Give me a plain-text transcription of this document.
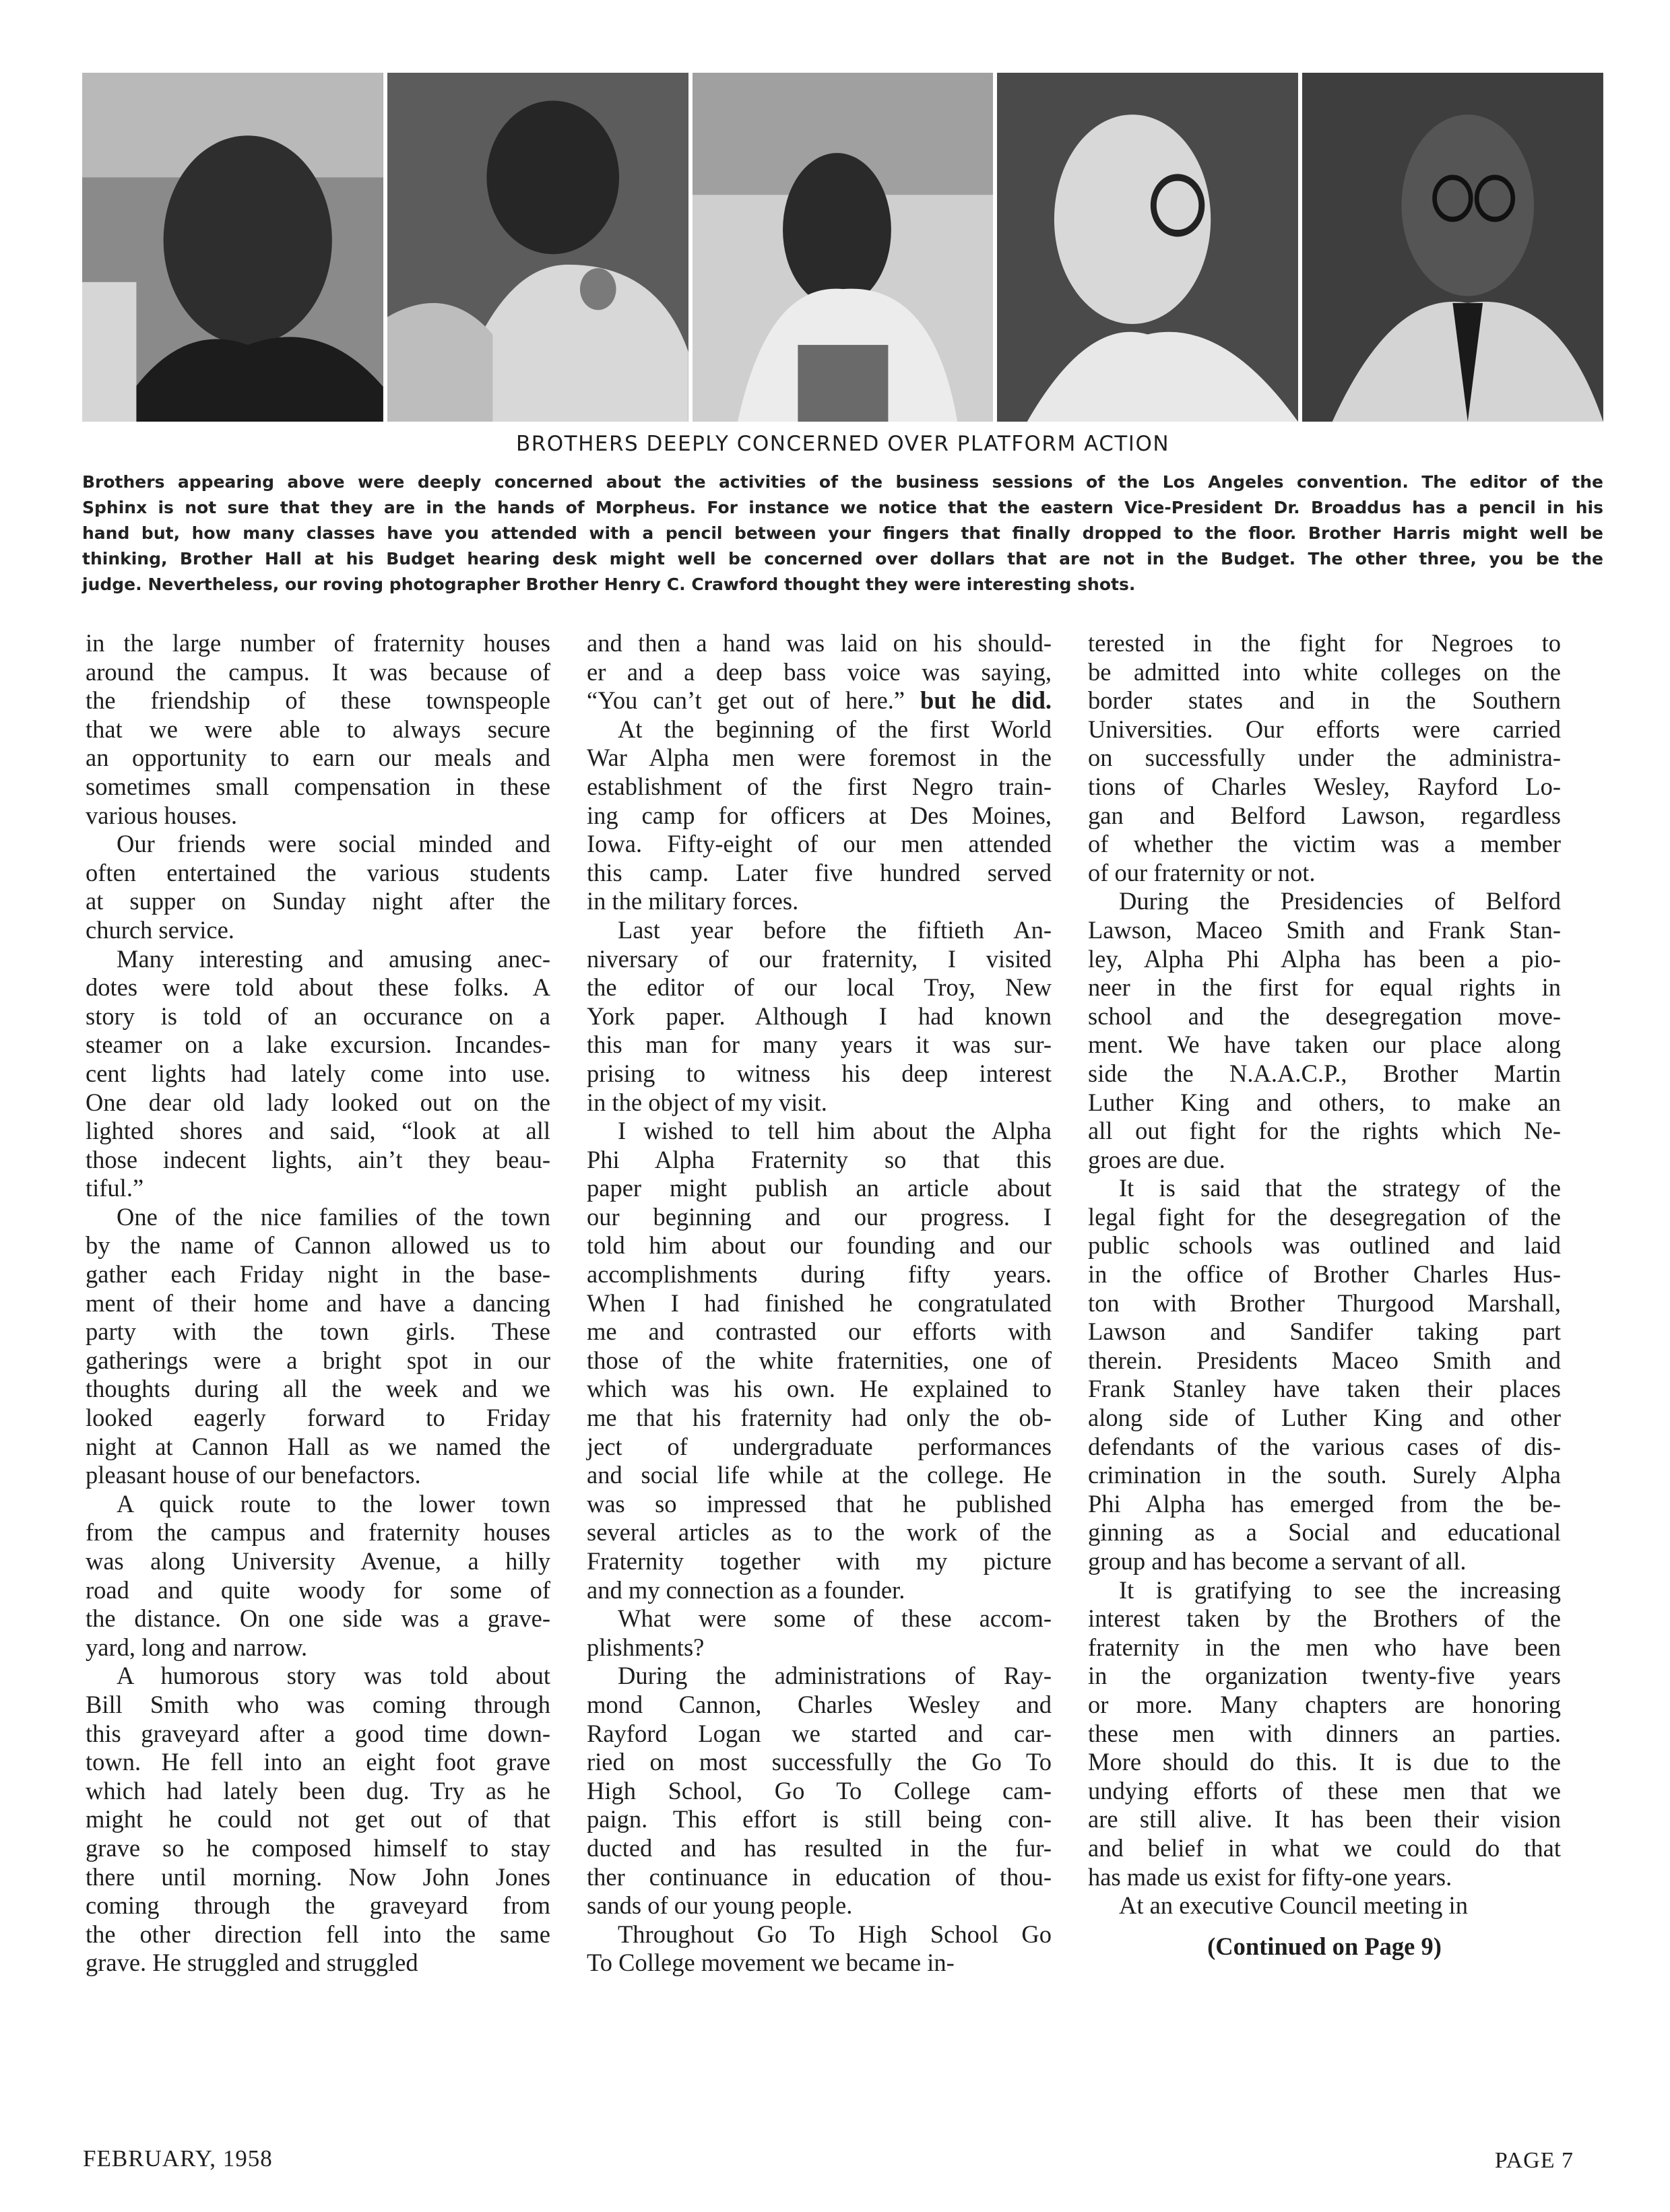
BROTHERS DEEPLY CONCERNED OVER PLATFORM ACTION
Brothers appearing above were deeply concerned about the activities of the business sessions of the Los Angeles convention. The editor of the
Sphinx is not sure that they are in the hands of Morpheus. For instance we notice that the eastern Vice-President Dr. Broaddus has a pencil in his
hand but, how many classes have you attended with a pencil between your fingers that finally dropped to the floor. Brother Harris might well be
thinking, Brother Hall at his Budget hearing desk might well be concerned over dollars that are not in the Budget. The other three, you be the
judge. Nevertheless, our roving photographer Brother Henry C. Crawford thought they were interesting shots.
in the large number of fraternity houses
around the campus. It was because of
the friendship of these townspeople
that we were able to always secure
an opportunity to earn our meals and
sometimes small compensation in these
various houses.
Our friends were social minded and
often entertained the various students
at supper on Sunday night after the
church service.
Many interesting and amusing anec-
dotes were told about these folks. A
story is told of an occurance on a
steamer on a lake excursion. Incandes-
cent lights had lately come into use.
One dear old lady looked out on the
lighted shores and said, “look at all
those indecent lights, ain’t they beau-
tiful.”
One of the nice families of the town
by the name of Cannon allowed us to
gather each Friday night in the base-
ment of their home and have a dancing
party with the town girls. These
gatherings were a bright spot in our
thoughts during all the week and we
looked eagerly forward to Friday
night at Cannon Hall as we named the
pleasant house of our benefactors.
A quick route to the lower town
from the campus and fraternity houses
was along University Avenue, a hilly
road and quite woody for some of
the distance. On one side was a grave-
yard, long and narrow.
A humorous story was told about
Bill Smith who was coming through
this graveyard after a good time down-
town. He fell into an eight foot grave
which had lately been dug. Try as he
might he could not get out of that
grave so he composed himself to stay
there until morning. Now John Jones
coming through the graveyard from
the other direction fell into the same
grave. He struggled and struggled
and then a hand was laid on his should-
er and a deep bass voice was saying,
“You can’t get out of here.” but he did.
At the beginning of the first World
War Alpha men were foremost in the
establishment of the first Negro train-
ing camp for officers at Des Moines,
Iowa. Fifty-eight of our men attended
this camp. Later five hundred served
in the military forces.
Last year before the fiftieth An-
niversary of our fraternity, I visited
the editor of our local Troy, New
York paper. Although I had known
this man for many years it was sur-
prising to witness his deep interest
in the object of my visit.
I wished to tell him about the Alpha
Phi Alpha Fraternity so that this
paper might publish an article about
our beginning and our progress. I
told him about our founding and our
accomplishments during fifty years.
When I had finished he congratulated
me and contrasted our efforts with
those of the white fraternities, one of
which was his own. He explained to
me that his fraternity had only the ob-
ject of undergraduate performances
and social life while at the college. He
was so impressed that he published
several articles as to the work of the
Fraternity together with my picture
and my connection as a founder.
What were some of these accom-
plishments?
During the administrations of Ray-
mond Cannon, Charles Wesley and
Rayford Logan we started and car-
ried on most successfully the Go To
High School, Go To College cam-
paign. This effort is still being con-
ducted and has resulted in the fur-
ther continuance in education of thou-
sands of our young people.
Throughout Go To High School Go
To College movement we became in-
terested in the fight for Negroes to
be admitted into white colleges on the
border states and in the Southern
Universities. Our efforts were carried
on successfully under the administra-
tions of Charles Wesley, Rayford Lo-
gan and Belford Lawson, regardless
of whether the victim was a member
of our fraternity or not.
During the Presidencies of Belford
Lawson, Maceo Smith and Frank Stan-
ley, Alpha Phi Alpha has been a pio-
neer in the first for equal rights in
school and the desegregation move-
ment. We have taken our place along
side the N.A.A.C.P., Brother Martin
Luther King and others, to make an
all out fight for the rights which Ne-
groes are due.
It is said that the strategy of the
legal fight for the desegregation of the
public schools was outlined and laid
in the office of Brother Charles Hus-
ton with Brother Thurgood Marshall,
Lawson and Sandifer taking part
therein. Presidents Maceo Smith and
Frank Stanley have taken their places
along side of Luther King and other
defendants of the various cases of dis-
crimination in the south. Surely Alpha
Phi Alpha has emerged from the be-
ginning as a Social and educational
group and has become a servant of all.
It is gratifying to see the increasing
interest taken by the Brothers of the
fraternity in the men who have been
in the organization twenty-five years
or more. Many chapters are honoring
these men with dinners an parties.
More should do this. It is due to the
undying efforts of these men that we
are still alive. It has been their vision
and belief in what we could do that
has made us exist for fifty-one years.
At an executive Council meeting in
(Continued on Page 9)
FEBRUARY, 1958	PAGE 7
